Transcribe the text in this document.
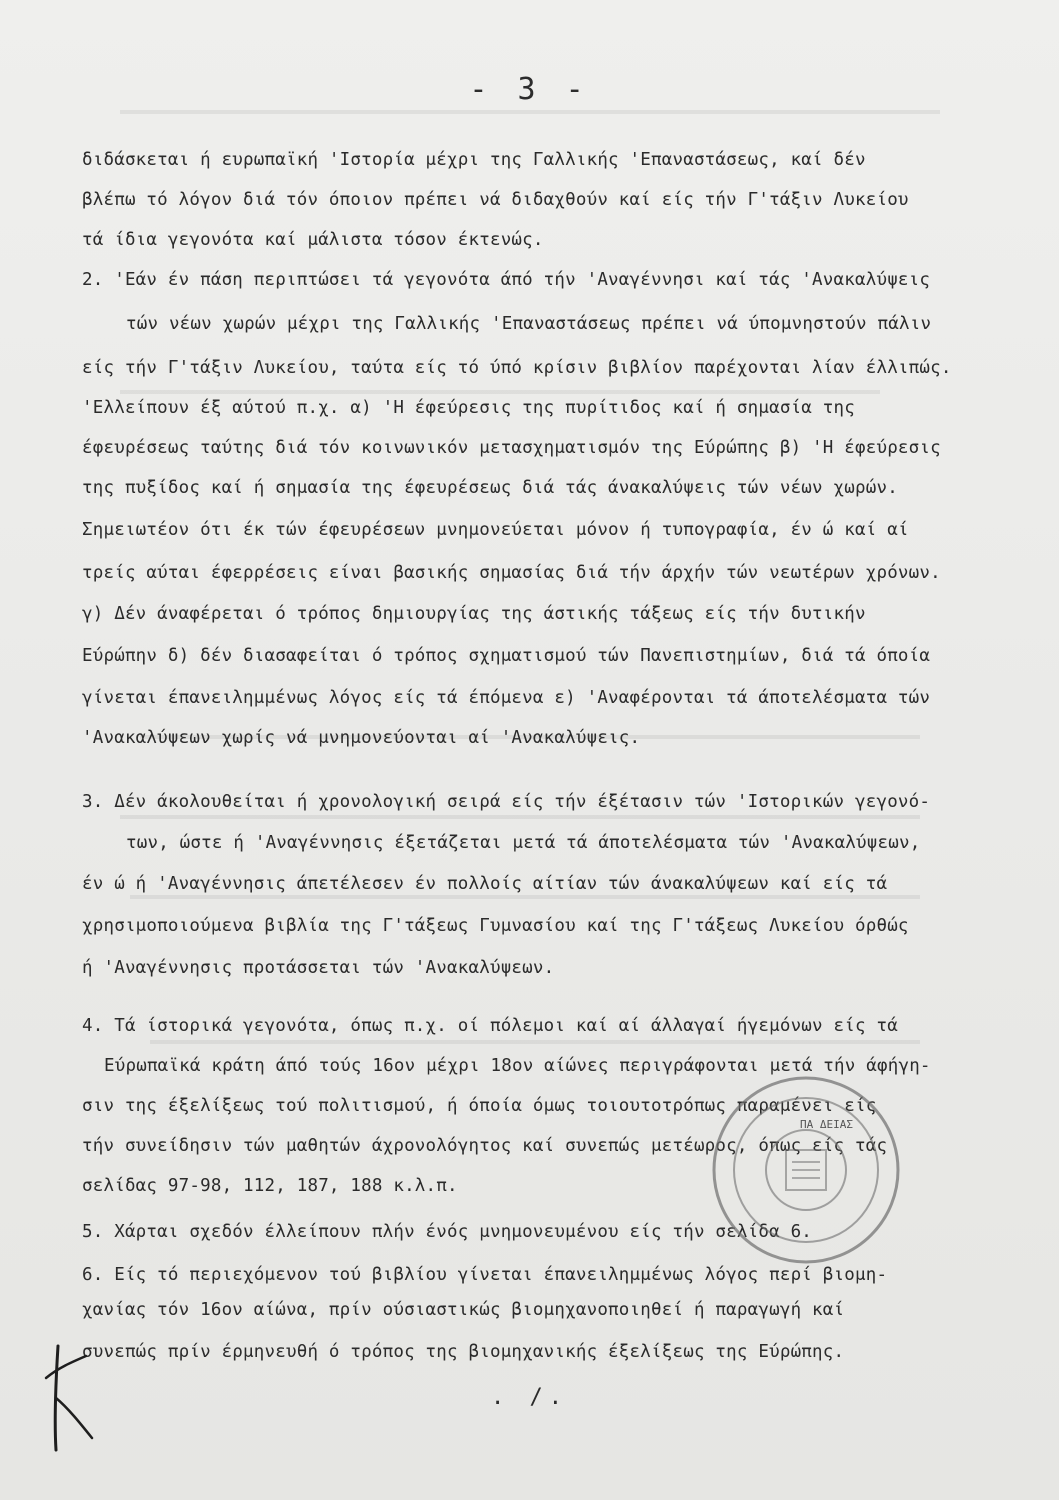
- 3 -
διδάσκεται ή ευρωπαϊκή 'Ιστορία μέχρι της Γαλλικής 'Επαναστάσεως, καί δέν
βλέπω τό λόγον διά τόν όποιον πρέπει νά διδαχθούν καί είς τήν Γ'τάξιν Λυκείου
τά ίδια γεγονότα καί μάλιστα τόσον έκτενώς.
2. 'Εάν έν πάση περιπτώσει τά γεγονότα άπό τήν 'Αναγέννησι καί τάς 'Ανακαλύψεις
τών νέων χωρών μέχρι της Γαλλικής 'Επαναστάσεως πρέπει νά ύπομνηστούν πάλιν
είς τήν Γ'τάξιν Λυκείου, ταύτα είς τό ύπό κρίσιν βιβλίον παρέχονται λίαν έλλιπώς.
'Ελλείπουν έξ αύτού π.χ. α) 'Η έφεύρεσις της πυρίτιδος καί ή σημασία της
έφευρέσεως ταύτης διά τόν κοινωνικόν μετασχηματισμόν της Εύρώπης β) 'Η έφεύρεσις
της πυξίδος καί ή σημασία της έφευρέσεως διά τάς άνακαλύψεις τών νέων χωρών.
Σημειωτέον ότι έκ τών έφευρέσεων μνημονεύεται μόνον ή τυπογραφία, έν ώ καί αί
τρείς αύται έφερρέσεις είναι βασικής σημασίας διά τήν άρχήν τών νεωτέρων χρόνων.
γ) Δέν άναφέρεται ό τρόπος δημιουργίας της άστικής τάξεως είς τήν δυτικήν
Εύρώπην δ) δέν διασαφείται ό τρόπος σχηματισμού τών Πανεπιστημίων, διά τά όποία
γίνεται έπανειλημμένως λόγος είς τά έπόμενα ε) 'Αναφέρονται τά άποτελέσματα τών
'Ανακαλύψεων χωρίς νά μνημονεύονται αί 'Ανακαλύψεις.
3. Δέν άκολουθείται ή χρονολογική σειρά είς τήν έξέτασιν τών 'Ιστορικών γεγονό-
των, ώστε ή 'Αναγέννησις έξετάζεται μετά τά άποτελέσματα τών 'Ανακαλύψεων,
έν ώ ή 'Αναγέννησις άπετέλεσεν έν πολλοίς αίτίαν τών άνακαλύψεων καί είς τά
χρησιμοποιούμενα βιβλία της Γ'τάξεως Γυμνασίου καί της Γ'τάξεως Λυκείου όρθώς
ή 'Αναγέννησις προτάσσεται τών 'Ανακαλύψεων.
4. Τά ίστορικά γεγονότα, όπως π.χ. οί πόλεμοι καί αί άλλαγαί ήγεμόνων είς τά
Εύρωπαϊκά κράτη άπό τούς 16ον μέχρι 18ον αίώνες περιγράφονται μετά τήν άφήγη-
σιν της έξελίξεως τού πολιτισμού, ή όποία όμως τοιουτοτρόπως παραμένει είς
τήν συνείδησιν τών μαθητών άχρονολόγητος καί συνεπώς μετέωρος, όπως είς τάς
σελίδας 97-98, 112, 187, 188 κ.λ.π.
5. Χάρται σχεδόν έλλείπουν πλήν ένός μνημονευμένου είς τήν σελίδα 6.
6. Είς τό περιεχόμενον τού βιβλίου γίνεται έπανειλημμένως λόγος περί βιομη-
χανίας τόν 16ον αίώνα, πρίν ούσιαστικώς βιομηχανοποιηθεί ή παραγωγή καί
συνεπώς πρίν έρμηνευθή ό τρόπος της βιομηχανικής έξελίξεως της Εύρώπης.
. /.
ΠΑ ΔΕΙΑΣ
